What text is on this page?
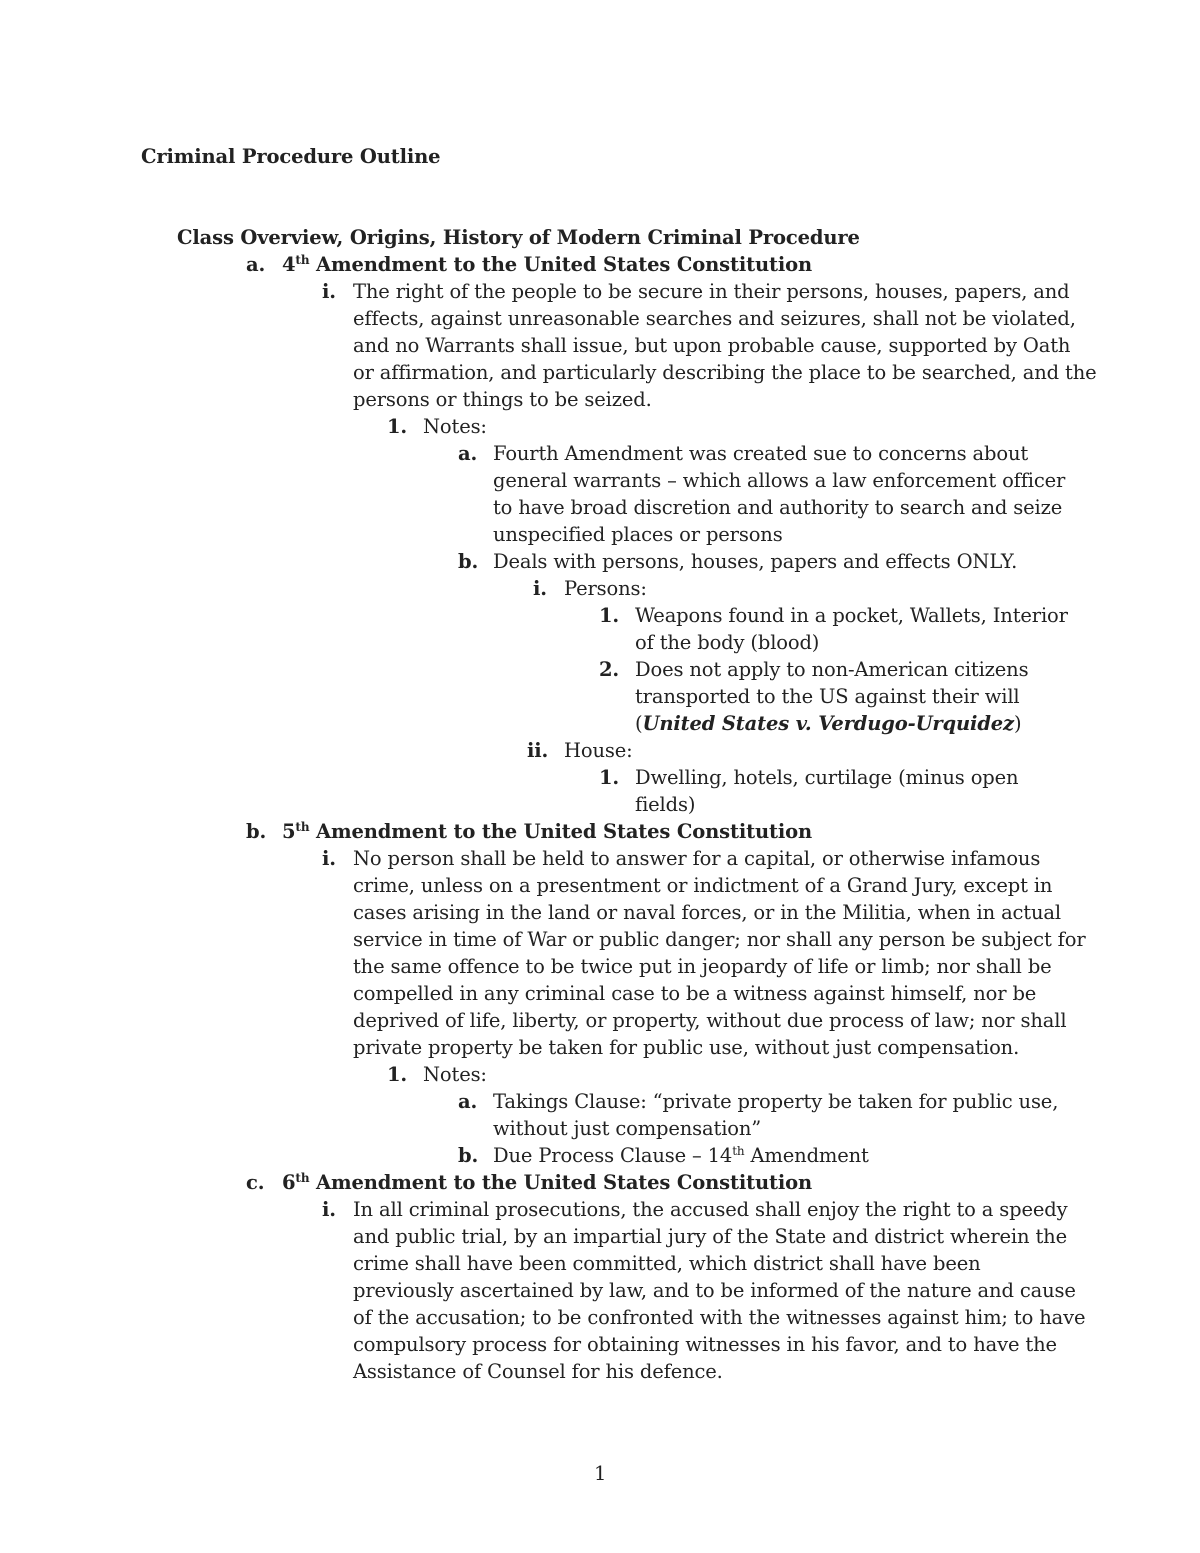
Criminal Procedure Outline
Class Overview, Origins, History of Modern Criminal Procedure
a. 4th Amendment to the United States Constitution
i. The right of the people to be secure in their persons, houses, papers, and
effects, against unreasonable searches and seizures, shall not be violated,
and no Warrants shall issue, but upon probable cause, supported by Oath
or affirmation, and particularly describing the place to be searched, and the
persons or things to be seized.
1. Notes:
a. Fourth Amendment was created sue to concerns about
general warrants – which allows a law enforcement officer
to have broad discretion and authority to search and seize
unspecified places or persons
b. Deals with persons, houses, papers and effects ONLY.
i. Persons:
1. Weapons found in a pocket, Wallets, Interior
of the body (blood)
2. Does not apply to non-American citizens
transported to the US against their will
(United States v. Verdugo-Urquidez)
ii. House:
1. Dwelling, hotels, curtilage (minus open
fields)
b. 5th Amendment to the United States Constitution
i. No person shall be held to answer for a capital, or otherwise infamous
crime, unless on a presentment or indictment of a Grand Jury, except in
cases arising in the land or naval forces, or in the Militia, when in actual
service in time of War or public danger; nor shall any person be subject for
the same offence to be twice put in jeopardy of life or limb; nor shall be
compelled in any criminal case to be a witness against himself, nor be
deprived of life, liberty, or property, without due process of law; nor shall
private property be taken for public use, without just compensation.
1. Notes:
a. Takings Clause: “private property be taken for public use,
without just compensation”
b. Due Process Clause – 14th Amendment
c. 6th Amendment to the United States Constitution
i. In all criminal prosecutions, the accused shall enjoy the right to a speedy
and public trial, by an impartial jury of the State and district wherein the
crime shall have been committed, which district shall have been
previously ascertained by law, and to be informed of the nature and cause
of the accusation; to be confronted with the witnesses against him; to have
compulsory process for obtaining witnesses in his favor, and to have the
Assistance of Counsel for his defence.
1
